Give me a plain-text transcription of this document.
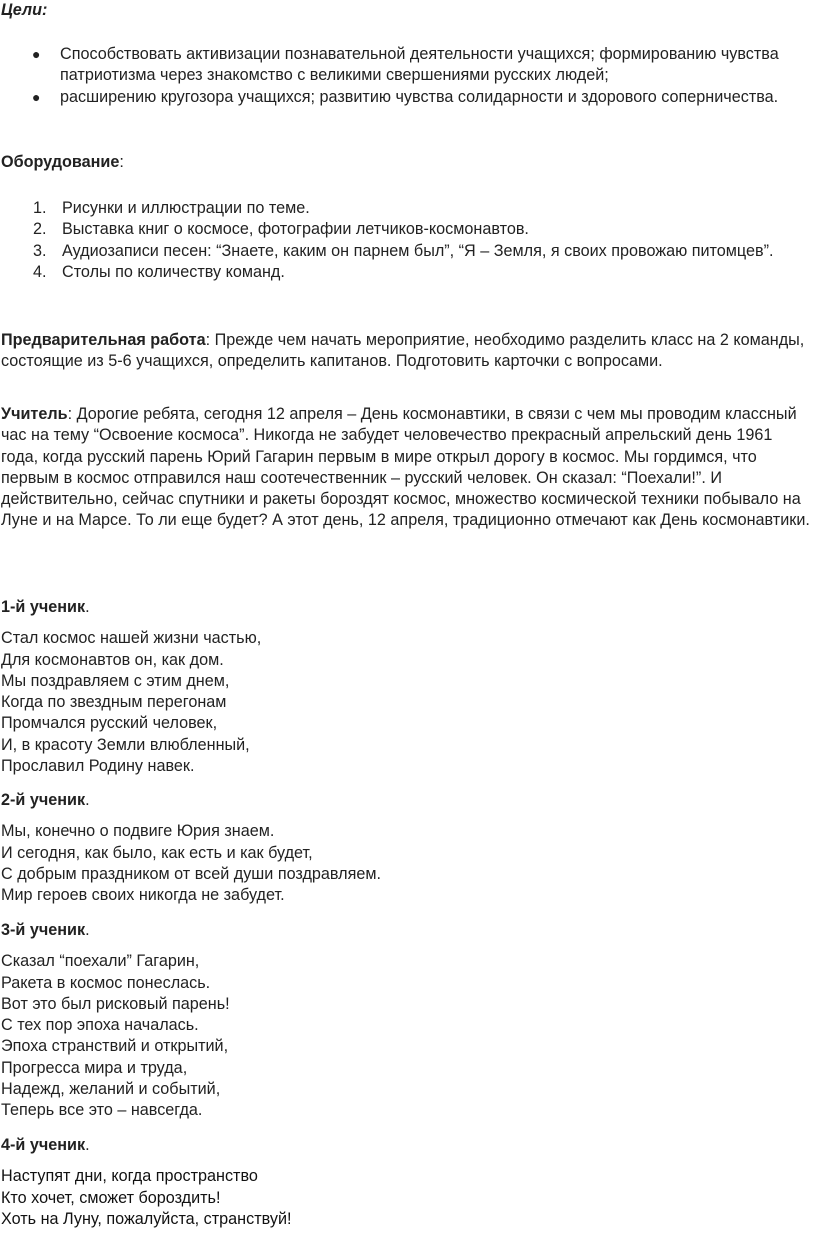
Цели:

● Способствовать активизации познавательной деятельности учащихся; формированию чувства патриотизма через знакомство с великими свершениями русских людей;
● расширению кругозора учащихся; развитию чувства солидарности и здорового соперничества.

Оборудование:

1. Рисунки и иллюстрации по теме.
2. Выставка книг о космосе, фотографии летчиков-космонавтов.
3. Аудиозаписи песен: “Знаете, каким он парнем был”, “Я – Земля, я своих провожаю питомцев”.
4. Столы по количеству команд.

Предварительная работа: Прежде чем начать мероприятие, необходимо разделить класс на 2 команды, состоящие из 5-6 учащихся, определить капитанов. Подготовить карточки с вопросами.

Учитель: Дорогие ребята, сегодня 12 апреля – День космонавтики, в связи с чем мы проводим классный час на тему “Освоение космоса”. Никогда не забудет человечество прекрасный апрельский день 1961 года, когда русский парень Юрий Гагарин первым в мире открыл дорогу в космос. Мы гордимся, что первым в космос отправился наш соотечественник – русский человек. Он сказал: “Поехали!”. И действительно, сейчас спутники и ракеты бороздят космос, множество космической техники побывало на Луне и на Марсе. То ли еще будет? А этот день, 12 апреля, традиционно отмечают как День космонавтики.

1-й ученик.

Стал космос нашей жизни частью,

Для космонавтов он, как дом.

Мы поздравляем с этим днем,

Когда по звездным перегонам

Промчался русский человек,

И, в красоту Земли влюбленный,

Прославил Родину навек.

2-й ученик.

Мы, конечно о подвиге Юрия знаем.

И сегодня, как было, как есть и как будет,

С добрым праздником от всей души поздравляем.

Мир героев своих никогда не забудет.

3-й ученик.

Сказал “поехали” Гагарин,

Ракета в космос понеслась.

Вот это был рисковый парень!

С тех пор эпоха началась.

Эпоха странствий и открытий,

Прогресса мира и труда,

Надежд, желаний и событий,

Теперь все это – навсегда.

4-й ученик.

Наступят дни, когда пространство

Кто хочет, сможет бороздить!

Хоть на Луну, пожалуйста, странствуй!
